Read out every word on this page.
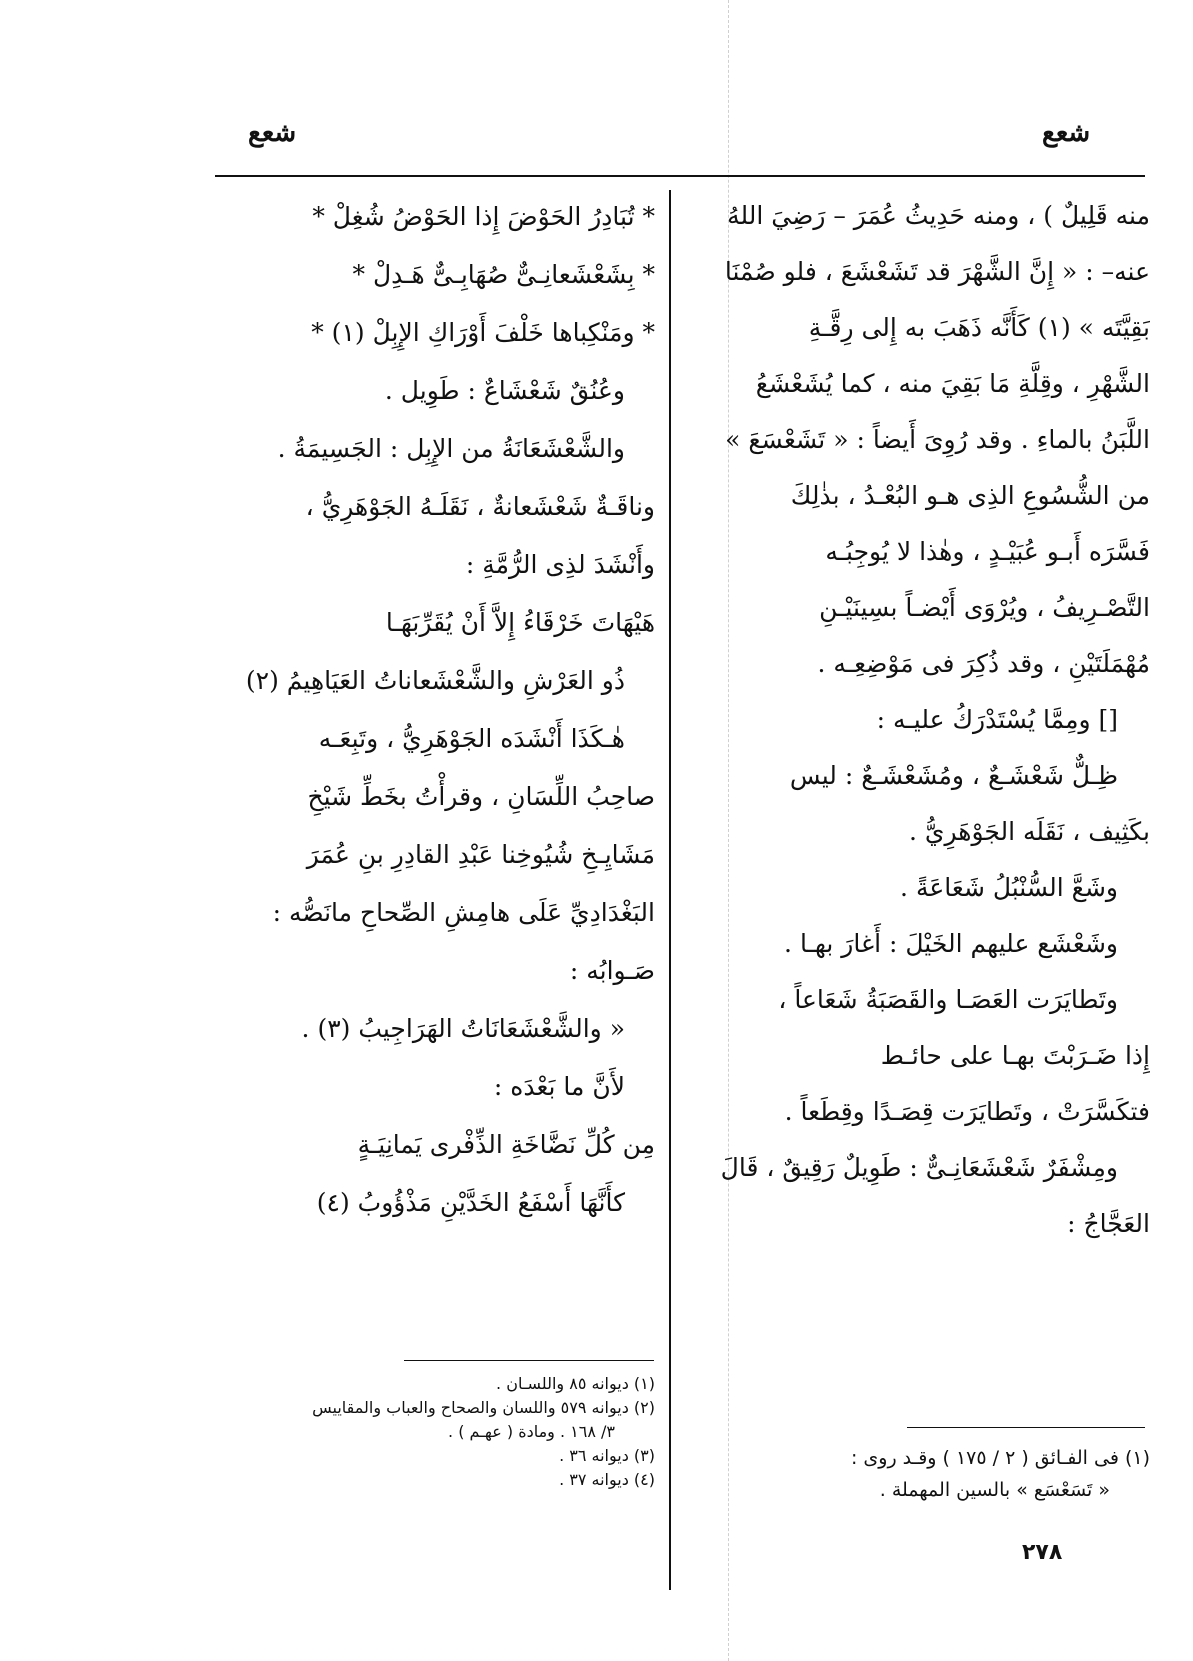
شعع
شعع

منه قَلِيلٌ ) ، ومنه حَدِيثُ عُمَرَ – رَضِيَ اللهُ

عنه– : « إِنَّ الشَّهْرَ قد تَشَعْشَعَ ، فلو صُمْنَا

بَقِيَّتَه » (١) كَأَنَّه ذَهَبَ به إِلى رِقَّـةِ

الشَّهْرِ ، وقِلَّةِ مَا بَقِيَ منه ، كما يُشَعْشَعُ

اللَّبَنُ بالماءِ . وقد رُوِىَ أَيضاً : « تَشَعْسَعَ »

من الشُّسُوعِ الذِى هـو البُعْـدُ ، بذٰلِكَ

فَسَّرَه أَبـو عُبَيْـدٍ ، وهٰذا لا يُوجِبُـه

التَّصْـرِيفُ ، ويُرْوَى أَيْضـاً بسِينَيْـنِ

مُهْمَلَتَيْنِ ، وقد ذُكِرَ فى مَوْضِعِـه .

[] ومِمَّا يُسْتَدْرَكُ عليـه :

ظِـلٌّ شَعْشَـعٌ ، ومُشَعْشَـعٌ : ليس

بكَثِيف ، نَقَلَه الجَوْهَرِيُّ .

وشَعَّ السُّنْبُلُ شَعَاعَةً .

وشَعْشَع عليهم الخَيْلَ : أَغارَ بهـا .

وتَطايَرَت العَصَـا والقَصَبَةُ شَعَاعاً ،

إِذا ضَـرَبْتَ بهـا على حائـط

فتكَسَّرَتْ ، وتَطايَرَت قِصَـدًا وقِطَعاً .

ومِشْفَرٌ شَعْشَعَانِـىٌّ : طَوِيلٌ رَقِيقٌ ، قَالَ

العَجَّاجُ :

* تُبَادِرُ الحَوْضَ إِذا الحَوْضُ شُغِلْ *

* بِشَعْشَعانِـىٌّ صُهَابِـىٌّ هَـدِلْ *

* ومَنْكِباها خَلْفَ أَوْرَاكِ الإِبِلْ (١) *

وعُنُقٌ شَعْشَاعٌ : طَوِيل .

والشَّعْشَعَانَةُ من الإِبِل : الجَسِيمَةُ .

وناقَـةٌ شَعْشَعانةٌ ، نَقَلَـهُ الجَوْهَرِيُّ ،

وأَنْشَدَ لذِى الرُّمَّةِ :

هَيْهَاتَ خَرْقَاءُ إِلاَّ أَنْ يُقَرِّبَهَـا

ذُو العَرْشِ والشَّعْشَعاناتُ العَيَاهِيمُ (٢)

هٰـكَذَا أَنْشَدَه الجَوْهَرِيُّ ، وتَبِعَـه

صاحِبُ اللِّسَانِ ، وقرأْتُ بخَطِّ شَيْخِ

مَشَايِـخِ شُيُوخِنا عَبْدِ القادِرِ بنِ عُمَرَ

البَغْدَادِيِّ عَلَى هامِشِ الصِّحاحِ مانَصُّه :

صَـوابُه :

« والشَّعْشَعَانَاتُ الهَرَاجِيبُ (٣) .

لأَنَّ ما بَعْدَه :

مِن كُلِّ نَضَّاخَةِ الذِّفْرى يَمانِيَـةٍ

كأَنَّهَا أَسْفَعُ الخَدَّيْنِ مَذْؤُوبُ (٤)

(١) فى الفـائق ( ٢ / ١٧٥ ) وقـد روى :

« تَسَعْسَع » بالسين المهملة .

(١) ديوانه ٨٥ واللسـان .

(٢) ديوانه ٥٧٩ واللسان والصحاح والعباب والمقاييس

٣/ ١٦٨ . ومادة ( عهـم ) .

(٣) ديوانه ٣٦ .

(٤) ديوانه ٣٧ .

٢٧٨
